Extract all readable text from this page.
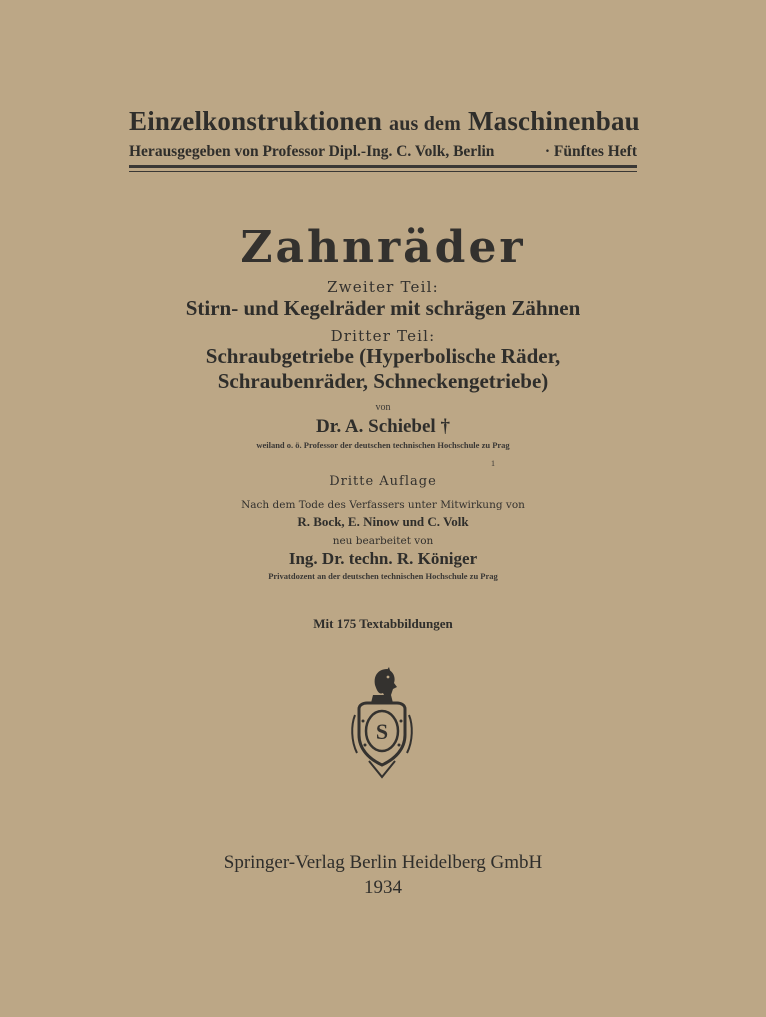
Einzelkonstruktionen aus dem Maschinenbau
Herausgegeben von Professor Dipl.-Ing. C. Volk, Berlin	· Fünftes Heft
Zahnräder
Zweiter Teil:
Stirn- und Kegelräder mit schrägen Zähnen
Dritter Teil:
Schraubgetriebe (Hyperbolische Räder,
Schraubenräder, Schneckengetriebe)
von
Dr. A. Schiebel †
weiland o. ö. Professor der deutschen technischen Hochschule zu Prag
1
Dritte Auflage
Nach dem Tode des Verfassers unter Mitwirkung von
R. Bock, E. Ninow und C. Volk
neu bearbeitet von
Ing. Dr. techn. R. Königer
Privatdozent an der deutschen technischen Hochschule zu Prag
Mit 175 Textabbildungen
S
Springer-Verlag Berlin Heidelberg GmbH
1934
